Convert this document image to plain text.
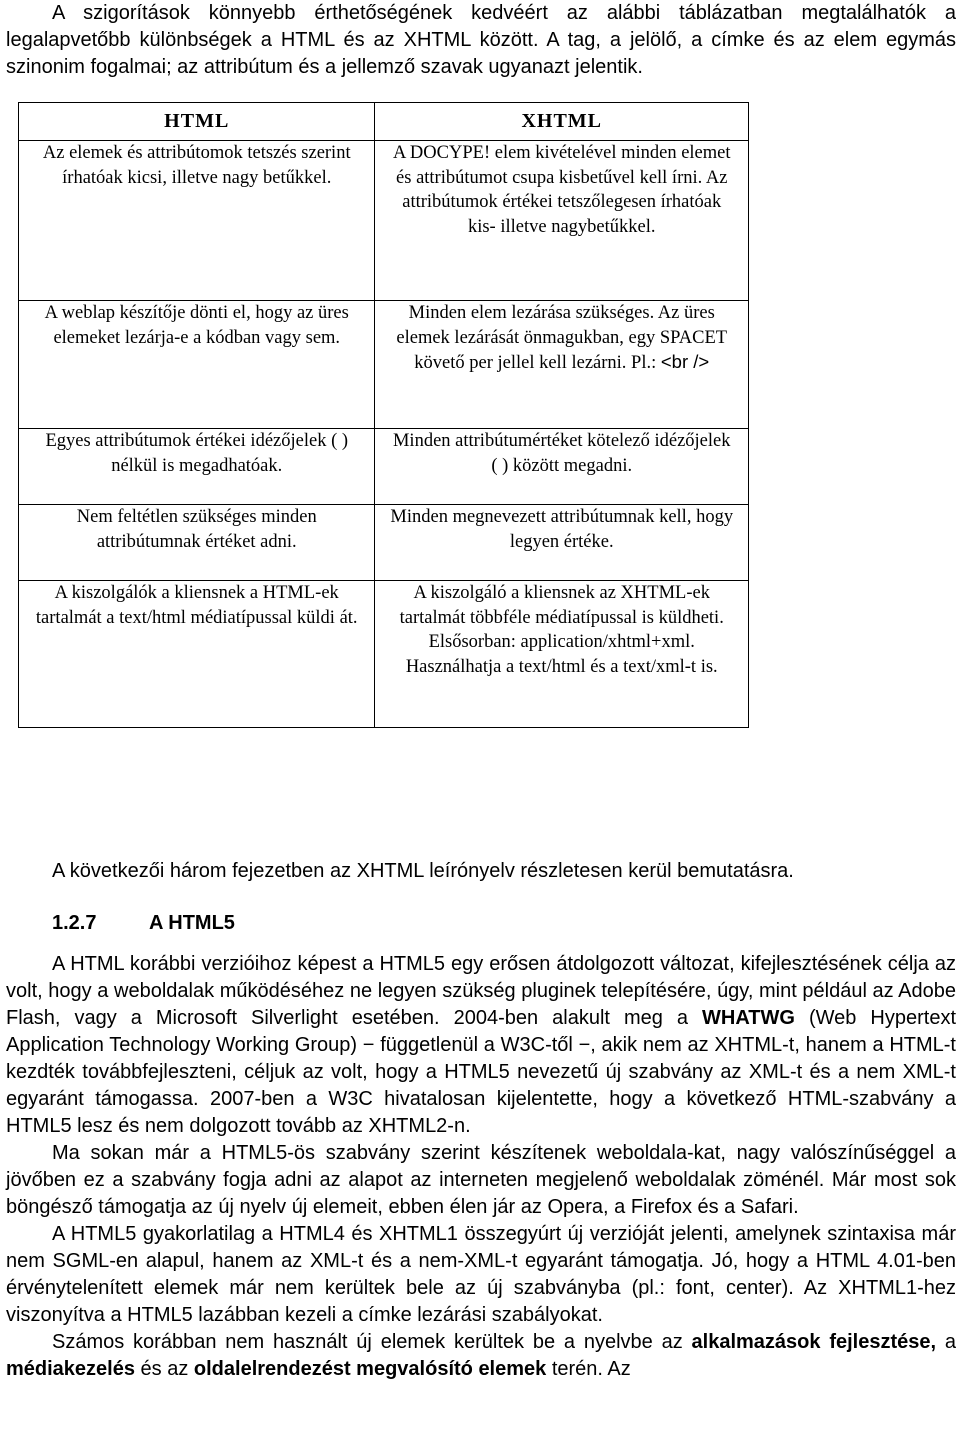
A szigorítások könnyebb érthetőségének kedvéért az alábbi táblázatban megtalálhatók a legalapvetőbb különbségek a HTML és az XHTML között. A tag, a jelölő, a címke és az elem egymás szinonim fogalmai; az attribútum és a jellemző szavak ugyanazt jelentik.

HTML	XHTML
Az elemek és attribútomok tetszés szerint írhatóak kicsi, illetve nagy betűkkel.	A DOCYPE! elem kivételével minden elemet és attribútumot csupa kisbetűvel kell írni. Az attribútumok értékei tetszőlegesen írhatóak kis- illetve nagybetűkkel.
A weblap készítője dönti el, hogy az üres elemeket lezárja-e a kódban vagy sem.	Minden elem lezárása szükséges. Az üres elemek lezárását önmagukban, egy SPACET követő per jellel kell lezárni. Pl.: <br />
Egyes attribútumok értékei idézőjelek ( ) nélkül is megadhatóak.	Minden attribútumértéket kötelező idézőjelek ( ) között megadni.
Nem feltétlen szükséges minden attribútumnak értéket adni.	Minden megnevezett attribútumnak kell, hogy legyen értéke.
A kiszolgálók a kliensnek a HTML-ek tartalmát a text/html médiatípussal küldi át.	A kiszolgáló a kliensnek az XHTML-ek tartalmát többféle médiatípussal is küldheti. Elsősorban: application/xhtml+xml. Használhatja a text/html és a text/xml-t is.

A következői három fejezetben az XHTML leírónyelv részletesen kerül bemutatásra.

1.2.7	A HTML5

A HTML korábbi verzióihoz képest a HTML5 egy erősen átdolgozott változat, kifejlesztésének célja az volt, hogy a weboldalak működéséhez ne legyen szükség pluginek telepítésére, úgy, mint például az Adobe Flash, vagy a Microsoft Silverlight esetében. 2004-ben alakult meg a WHATWG (Web Hypertext Application Technology Working Group) − függetlenül a W3C-től −, akik nem az XHTML-t, hanem a HTML-t kezdték továbbfejleszteni, céljuk az volt, hogy a HTML5 nevezetű új szabvány az XML-t és a nem XML-t egyaránt támogassa. 2007-ben a W3C hivatalosan kijelentette, hogy a következő HTML-szabvány a HTML5 lesz és nem dolgozott tovább az XHTML2-n.

Ma sokan már a HTML5-ös szabvány szerint készítenek weboldala-kat, nagy valószínűséggel a jövőben ez a szabvány fogja adni az alapot az interneten megjelenő weboldalak zöménél. Már most sok böngésző támogatja az új nyelv új elemeit, ebben élen jár az Opera, a Firefox és a Safari.

A HTML5 gyakorlatilag a HTML4 és XHTML1 összegyúrt új verzióját jelenti, amelynek szintaxisa már nem SGML-en alapul, hanem az XML-t és a nem-XML-t egyaránt támogatja. Jó, hogy a HTML 4.01-ben érvénytelenített elemek már nem kerültek bele az új szabványba (pl.: font, center). Az XHTML1-hez viszonyítva a HTML5 lazábban kezeli a címke lezárási szabályokat.

Számos korábban nem használt új elemek kerültek be a nyelvbe az alkalmazások fejlesztése, a médiakezelés és az oldalelrendezést megvalósító elemek terén. Az
